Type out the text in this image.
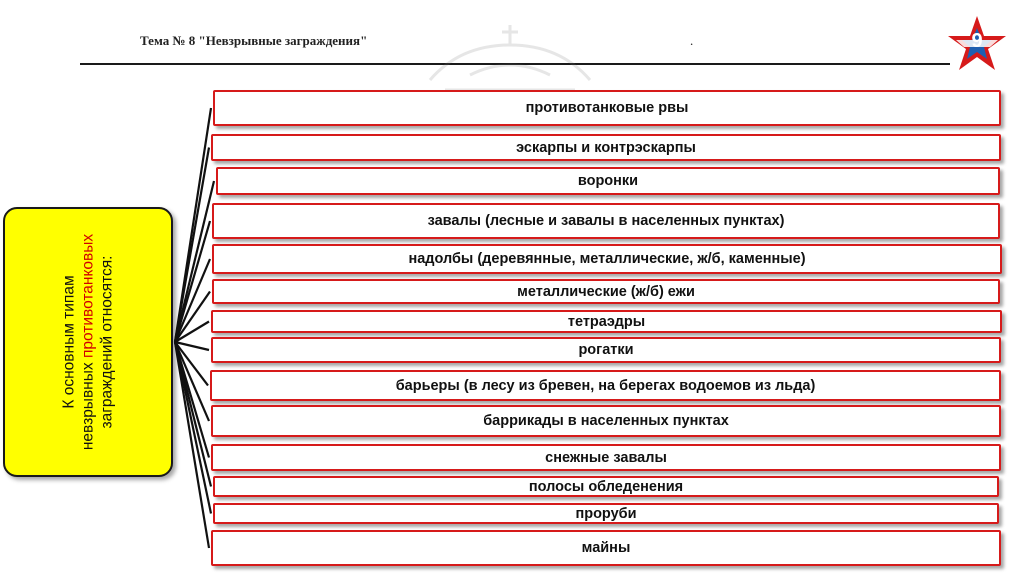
Тема № 8 "Невзрывные заграждения"	.	9
К основным типам невзрывных противотанковых заграждений относятся:
противотанковые рвы
эскарпы и контрэскарпы
воронки
завалы (лесные и завалы в населенных пунктах)
надолбы (деревянные, металлические, ж/б, каменные)
металлические (ж/б) ежи
тетраэдры
рогатки
барьеры (в лесу из бревен, на берегах водоемов из льда)
баррикады в населенных пунктах
снежные завалы
полосы обледенения
проруби
майны
